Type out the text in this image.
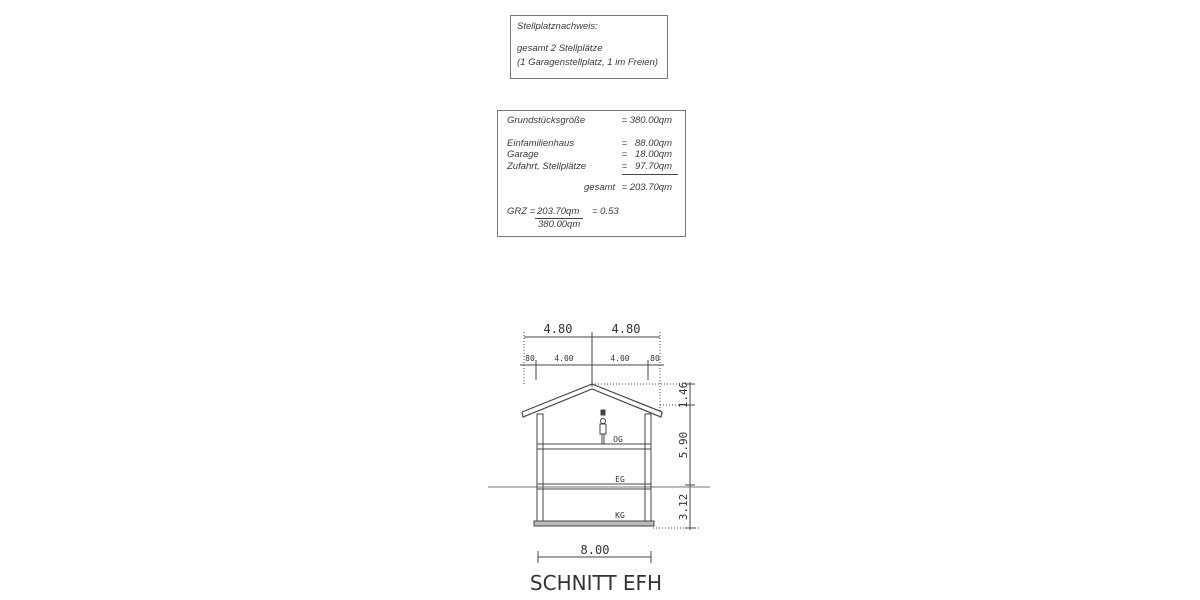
Stellplatznachweis:
gesamt 2 Stellplätze
(1 Garagenstellplatz, 1 im Freien)
Grundstücksgröße	= 380.00qm
Einfamilienhaus	=   88.00qm
Garage	=   18.00qm
Zufahrt, Stellplätze	=   97.70qm
gesamt = 203.70qm
GRZ = 203.70qm
380.00qm
= 0.53
4.80	4.80
80 4.00	4.00	80
1.46
5.90
3.12
OG
EG
KG
8.00
SCHNITT EFH
